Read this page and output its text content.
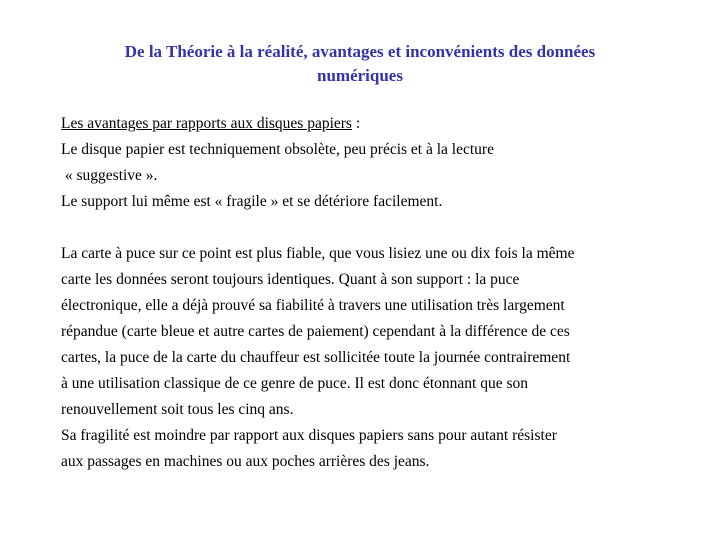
De la Théorie à la réalité, avantages et inconvénients des données
numériques

Les avantages par rapports aux disques papiers :

Le disque papier est techniquement obsolète, peu précis et à la lecture

« suggestive ».

Le support lui même est « fragile » et se détériore facilement.

La carte à puce sur ce point est plus fiable, que vous lisiez une ou dix fois la même

carte les données seront toujours identiques. Quant à son support : la puce

électronique, elle a déjà prouvé sa fiabilité à travers une utilisation très largement

répandue (carte bleue et autre cartes de paiement) cependant à la différence de ces

cartes, la puce de la carte du chauffeur est sollicitée toute la journée contrairement

à une utilisation classique de ce genre de puce. Il est donc étonnant que son

renouvellement soit tous les cinq ans.

Sa fragilité est moindre par rapport aux disques papiers sans pour autant résister

aux passages en machines ou aux poches arrières des jeans.
